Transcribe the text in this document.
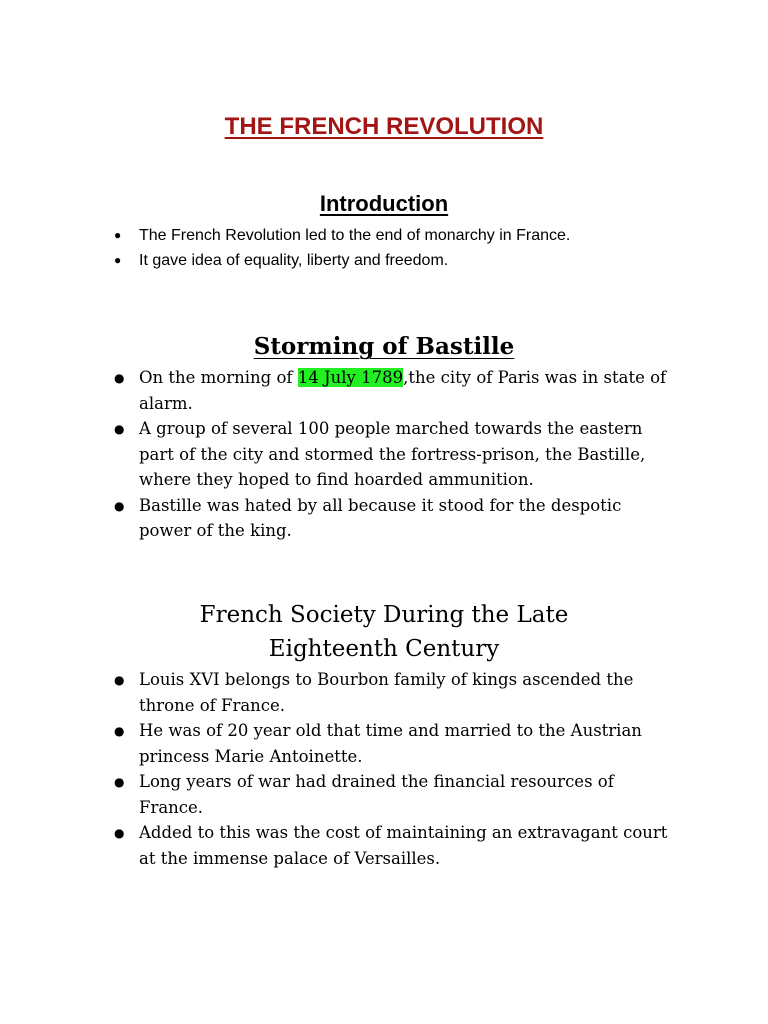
THE FRENCH REVOLUTION
Introduction
● The French Revolution led to the end of monarchy in France.
● It gave idea of equality, liberty and freedom.
Storming of Bastille
● On the morning of 14 July 1789,the city of Paris was in state of alarm.
● A group of several 100 people marched towards the eastern part of the city and stormed the fortress-prison, the Bastille, where they hoped to find hoarded ammunition.
● Bastille was hated by all because it stood for the despotic power of the king.
French Society During the Late Eighteenth Century
● Louis XVI belongs to Bourbon family of kings ascended the throne of France.
● He was of 20 year old that time and married to the Austrian princess Marie Antoinette.
● Long years of war had drained the financial resources of France.
● Added to this was the cost of maintaining an extravagant court at the immense palace of Versailles.
